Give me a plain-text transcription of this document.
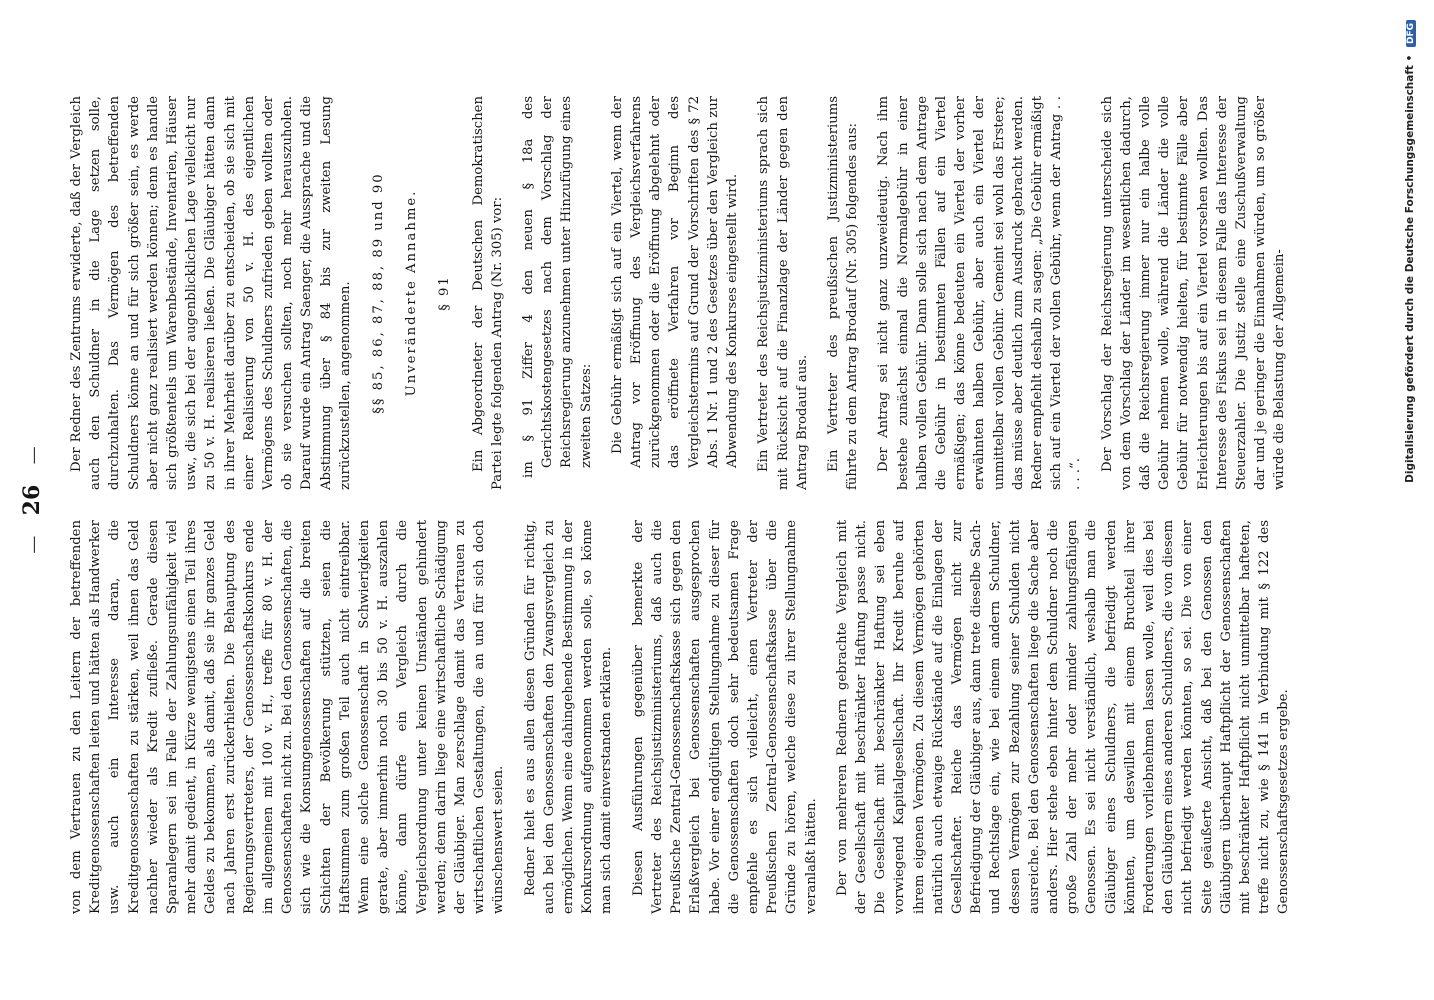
Digitalisierung gefördert durch die Deutsche Forschungsgemeinschaft • DFG
—    26    —

von dem Vertrauen zu den Leitern der betreffenden Kreditgenossenschaften leiten und hätten als Handwerker usw. auch ein Interesse daran, die Kreditgenossenschaften zu stärken, weil ihnen das Geld nachher wieder als Kredit zufließe. Gerade diesen Sparanlegern sei im Falle der Zahlungsunfähigkeit viel mehr damit gedient, in Kürze wenigstens einen Teil ihres Geldes zu bekommen, als damit, daß sie ihr ganzes Geld nach Jahren erst zurückerhielten. Die Behauptung des Regierungsvertreters, der Genossenschaftskonkurs ende im allgemeinen mit 100 v. H., treffe für 80 v. H. der Genossenschaften nicht zu. Bei den Genossenschaften, die sich wie die Konsumgenossenschaften auf die breiten Schichten der Bevölkerung stützten, seien die Haftsummen zum großen Teil auch nicht eintreibbar. Wenn eine solche Genossenschaft in Schwierigkeiten gerate, aber immerhin noch 30 bis 50 v. H. auszahlen könne, dann dürfe ein Vergleich durch die Vergleichsordnung unter keinen Umständen gehindert werden; denn darin liege eine wirtschaftliche Schädigung der Gläubiger. Man zerschlage damit das Vertrauen zu wirtschaftlichen Gestaltungen, die an und für sich doch wünschenswert seien. Redner hielt es aus allen diesen Gründen für richtig, auch bei den Genossenschaften den Zwangsvergleich zu ermöglichen. Wenn eine dahingehende Bestimmung in der Konkursordnung aufgenommen werden solle, so könne man sich damit einverstanden erklären. Diesen Ausführungen gegenüber bemerkte der Vertreter des Reichsjustizministeriums, daß auch die Preußische Zentral-Genossenschaftskasse sich gegen den Erlaßvergleich bei Genossenschaften ausgesprochen habe. Vor einer endgültigen Stellungnahme zu dieser für die Genossenschaften doch sehr bedeutsamen Frage empfehle es sich vielleicht, einen Vertreter der Preußischen Zentral-Genossenschaftskasse über die Gründe zu hören, welche diese zu ihrer Stellungnahme veranlaßt hätten. Der von mehreren Rednern gebrachte Vergleich mit der Gesellschaft mit beschränkter Haftung passe nicht. Die Gesellschaft mit beschränkter Haftung sei eben vorwiegend Kapitalgesellschaft. Ihr Kredit beruhe auf ihrem eigenen Vermögen. Zu diesem Vermögen gehörten natürlich auch etwaige Rückstände auf die Einlagen der Gesellschafter. Reiche das Vermögen nicht zur Befriedigung der Gläubiger aus, dann trete dieselbe Sach- und Rechtslage ein, wie bei einem andern Schuldner, dessen Vermögen zur Bezahlung seiner Schulden nicht ausreiche. Bei den Genossenschaften liege die Sache aber anders. Hier stehe eben hinter dem Schuldner noch die große Zahl der mehr oder minder zahlungsfähigen Genossen. Es sei nicht verständlich, weshalb man die Gläubiger eines Schuldners, die befriedigt werden könnten, um deswillen mit einem Bruchteil ihrer Forderungen vorliebnehmen lassen wolle, weil dies bei den Gläubigern eines anderen Schuldners, die von diesem nicht befriedigt werden könnten, so sei. Die von einer Seite geäußerte Ansicht, daß bei den Genossen den Gläubigern überhaupt Haftpflicht der Genossenschaften mit beschränkter Haftpflicht nicht unmittelbar hafteten, treffe nicht zu, wie § 141 in Verbindung mit § 122 des Genossenschaftsgesetzes ergebe.

Der Redner des Zentrums erwiderte, daß der Vergleich auch den Schuldner in die Lage setzen solle, durchzuhalten. Das Vermögen des betreffenden Schuldners könne an und für sich größer sein, es werde aber nicht ganz realisiert werden können; denn es handle sich größtenteils um Warenbestände, Inventarien, Häuser usw., die sich bei der augenblicklichen Lage vielleicht nur zu 50 v. H. realisieren ließen. Die Gläubiger hätten dann in ihrer Mehrheit darüber zu entscheiden, ob sie sich mit einer Realisierung von 50 v. H. des eigentlichen Vermögens des Schuldners zufrieden geben wollten oder ob sie versuchen sollten, noch mehr herauszuholen. Darauf wurde ein Antrag Saenger, die Aussprache und die Abstimmung über § 84 bis zur zweiten Lesung zurückzustellen, angenommen. §§ 85, 86, 87, 88, 89 und 90 Unveränderte Annahme. § 91 Ein Abgeordneter der Deutschen Demokratischen Partei legte folgenden Antrag (Nr. 305) vor: im § 91 Ziffer 4 den neuen § 18a des Gerichtskostengesetzes nach dem Vorschlag der Reichsregierung anzunehmen unter Hinzufügung eines zweiten Satzes: Die Gebühr ermäßigt sich auf ein Viertel, wenn der Antrag vor Eröffnung des Vergleichsverfahrens zurückgenommen oder die Eröffnung abgelehnt oder das eröffnete Verfahren vor Beginn des Vergleichstermins auf Grund der Vorschriften des § 72 Abs. 1 Nr. 1 und 2 des Gesetzes über den Vergleich zur Abwendung des Konkurses eingestellt wird. Ein Vertreter des Reichsjustizministeriums sprach sich mit Rücksicht auf die Finanzlage der Länder gegen den Antrag Brodauf aus. Ein Vertreter des preußischen Justizministeriums führte zu dem Antrag Brodauf (Nr. 305) folgendes aus: Der Antrag sei nicht ganz unzweideutig. Nach ihm bestehe zunächst einmal die Normalgebühr in einer halben vollen Gebühr. Dann solle sich nach dem Antrage die Gebühr in bestimmten Fällen auf ein Viertel ermäßigen; das könne bedeuten ein Viertel der vorher erwähnten halben Gebühr, aber auch ein Viertel der unmittelbar vollen Gebühr. Gemeint sei wohl das Erstere; das müsse aber deutlich zum Ausdruck gebracht werden. Redner empfiehlt deshalb zu sagen: „Die Gebühr ermäßigt sich auf ein Viertel der vollen Gebühr, wenn der Antrag . . . . .“.

Der Vorschlag der Reichsregierung unterscheide sich von dem Vorschlag der Länder im wesentlichen dadurch, daß die Reichsregierung immer nur ein halbe volle Gebühr nehmen wolle, während die Länder die volle Gebühr für notwendig hielten, für bestimmte Fälle aber Erleichterungen bis auf ein Viertel vorsehen wollten. Das Interesse des Fiskus sei in diesem Falle das Interesse der Steuerzahler. Die Justiz stelle eine Zuschußverwaltung dar und je geringer die Einnahmen würden, um so größer würde die Belastung der Allgemein-
